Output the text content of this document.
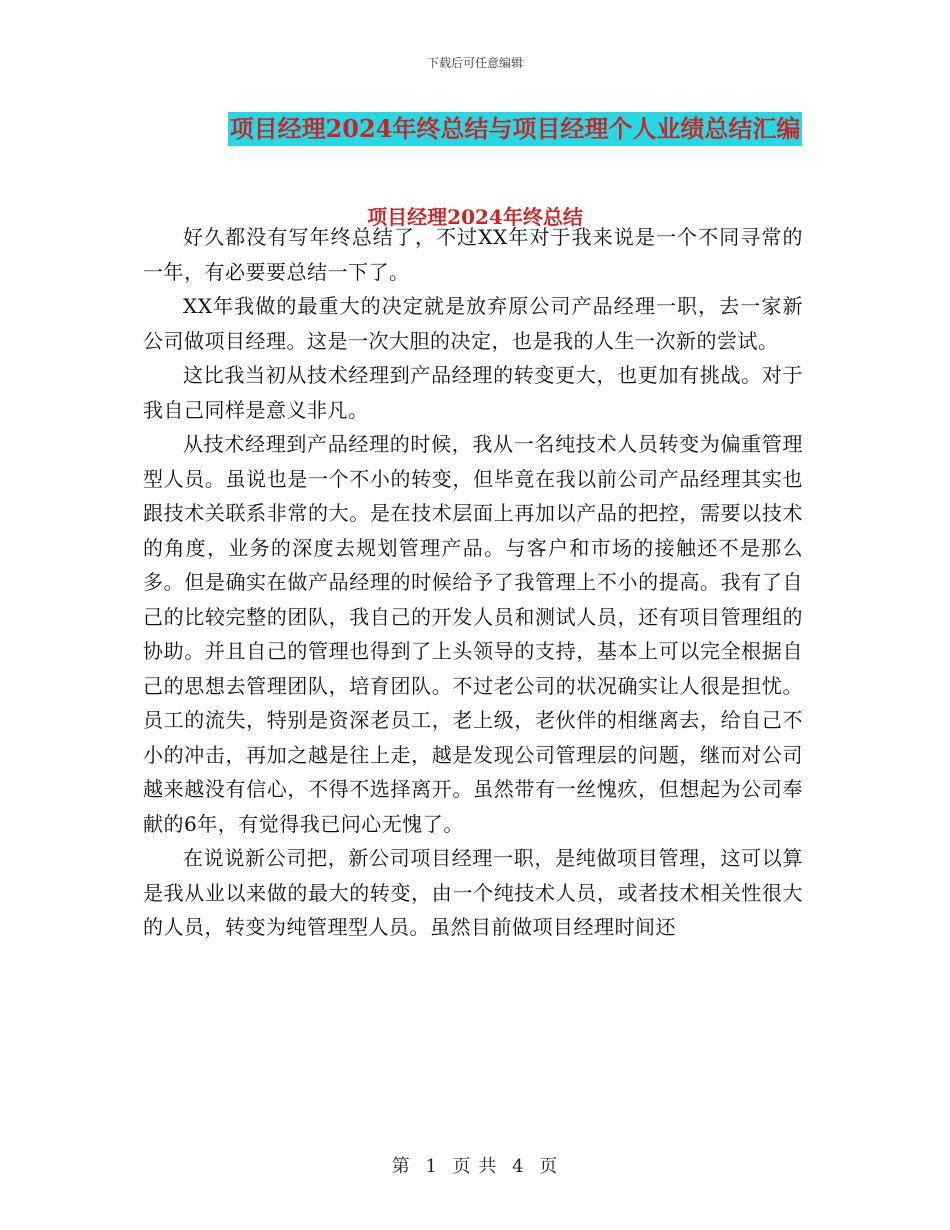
下载后可任意编辑
项目经理2024年终总结与项目经理个人业绩总结汇编
项目经理2024年终总结

好久都没有写年终总结了，不过XX年对于我来说是一个不同寻常的一年，有必要要总结一下了。

XX年我做的最重大的决定就是放弃原公司产品经理一职，去一家新公司做项目经理。这是一次大胆的决定，也是我的人生一次新的尝试。

这比我当初从技术经理到产品经理的转变更大，也更加有挑战。对于我自己同样是意义非凡。

从技术经理到产品经理的时候，我从一名纯技术人员转变为偏重管理型人员。虽说也是一个不小的转变，但毕竟在我以前公司产品经理其实也跟技术关联系非常的大。是在技术层面上再加以产品的把控，需要以技术的角度，业务的深度去规划管理产品。与客户和市场的接触还不是那么多。但是确实在做产品经理的时候给予了我管理上不小的提高。我有了自己的比较完整的团队，我自己的开发人员和测试人员，还有项目管理组的协助。并且自己的管理也得到了上头领导的支持，基本上可以完全根据自己的思想去管理团队，培育团队。不过老公司的状况确实让人很是担忧。员工的流失，特别是资深老员工，老上级，老伙伴的相继离去，给自己不小的冲击，再加之越是往上走，越是发现公司管理层的问题，继而对公司越来越没有信心，不得不选择离开。虽然带有一丝愧疚，但想起为公司奉献的6年，有觉得我已问心无愧了。

在说说新公司把，新公司项目经理一职，是纯做项目管理，这可以算是我从业以来做的最大的转变，由一个纯技术人员，或者技术相关性很大的人员，转变为纯管理型人员。虽然目前做项目经理时间还

第 1 页 共 4 页
